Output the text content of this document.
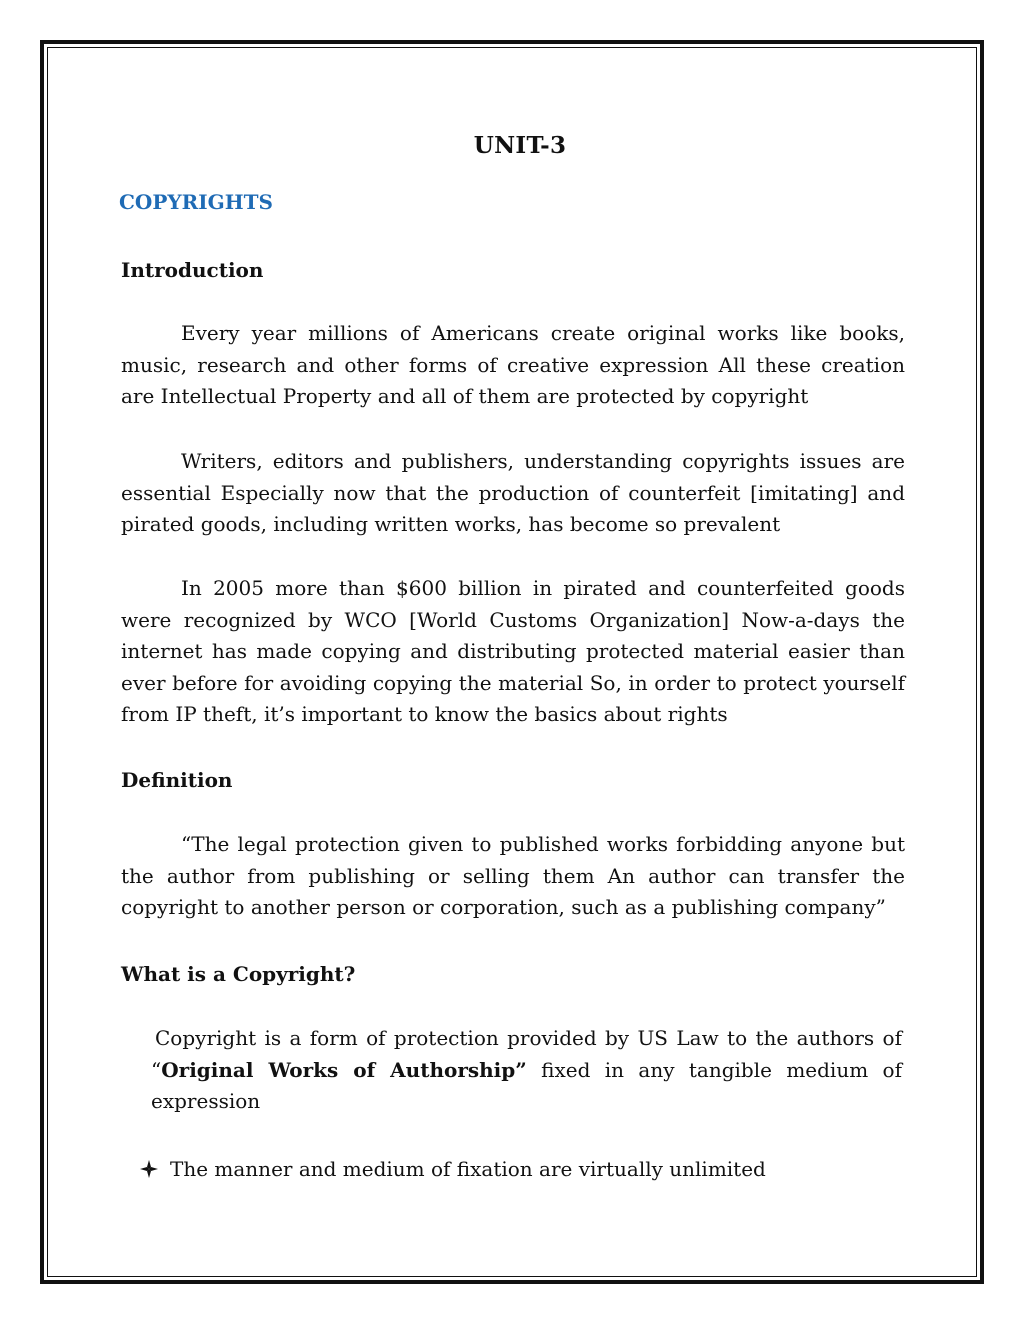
UNIT-3
COPYRIGHTS
Introduction

Every year millions of Americans create original works like books, music, research and other forms of creative expression All these creation are Intellectual Property and all of them are protected by copyright

Writers, editors and publishers, understanding copyrights issues are essential Especially now that the production of counterfeit [imitating] and pirated goods, including written works, has become so prevalent

In 2005 more than $600 billion in pirated and counterfeited goods were recognized by WCO [World Customs Organization] Now-a-days the internet has made copying and distributing protected material easier than ever before for avoiding copying the material So, in order to protect yourself from IP theft, it’s important to know the basics about rights

Definition

“The legal protection given to published works forbidding anyone but the author from publishing or selling them An author can transfer the copyright to another person or corporation, such as a publishing company”

What is a Copyright?

Copyright is a form of protection provided by US Law to the authors of “Original Works of Authorship” fixed in any tangible medium of expression

The manner and medium of fixation are virtually unlimited
